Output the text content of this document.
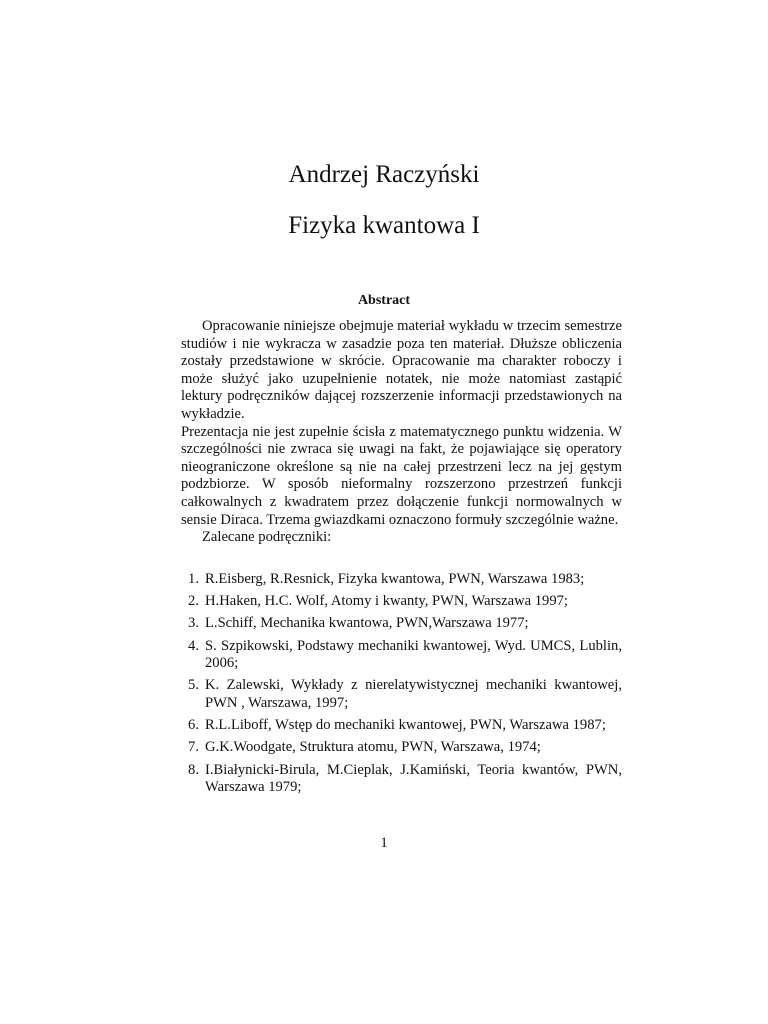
Andrzej Raczyński
Fizyka kwantowa I
Abstract

Opracowanie niniejsze obejmuje materiał wykładu w trzecim semestrze studiów i nie wykracza w zasadzie poza ten materiał. Dłuższe obliczenia zostały przedstawione w skrócie. Opracowanie ma charakter roboczy i może służyć jako uzupełnienie notatek, nie może natomiast zastąpić lektury podręczników dającej rozszerzenie informacji przedstawionych na wykładzie.

Prezentacja nie jest zupełnie ścisła z matematycznego punktu widzenia. W szczególności nie zwraca się uwagi na fakt, że pojawiające się operatory nieograniczone określone są nie na całej przestrzeni lecz na jej gęstym podzbiorze. W sposób nieformalny rozszerzono przestrzeń funkcji całkowalnych z kwadratem przez dołączenie funkcji normowalnych w sensie Diraca. Trzema gwiazdkami oznaczono formuły szczególnie ważne.

Zalecane podręczniki:

1. R.Eisberg, R.Resnick, Fizyka kwantowa, PWN, Warszawa 1983;
2. H.Haken, H.C. Wolf, Atomy i kwanty, PWN, Warszawa 1997;
3. L.Schiff, Mechanika kwantowa, PWN,Warszawa 1977;
4. S. Szpikowski, Podstawy mechaniki kwantowej, Wyd. UMCS, Lublin, 2006;
5. K. Zalewski, Wykłady z nierelatywistycznej mechaniki kwantowej, PWN , Warszawa, 1997;
6. R.L.Liboff, Wstęp do mechaniki kwantowej, PWN, Warszawa 1987;
7. G.K.Woodgate, Struktura atomu, PWN, Warszawa, 1974;
8. I.Białynicki-Birula, M.Cieplak, J.Kamiński, Teoria kwantów, PWN, Warszawa 1979;
1
